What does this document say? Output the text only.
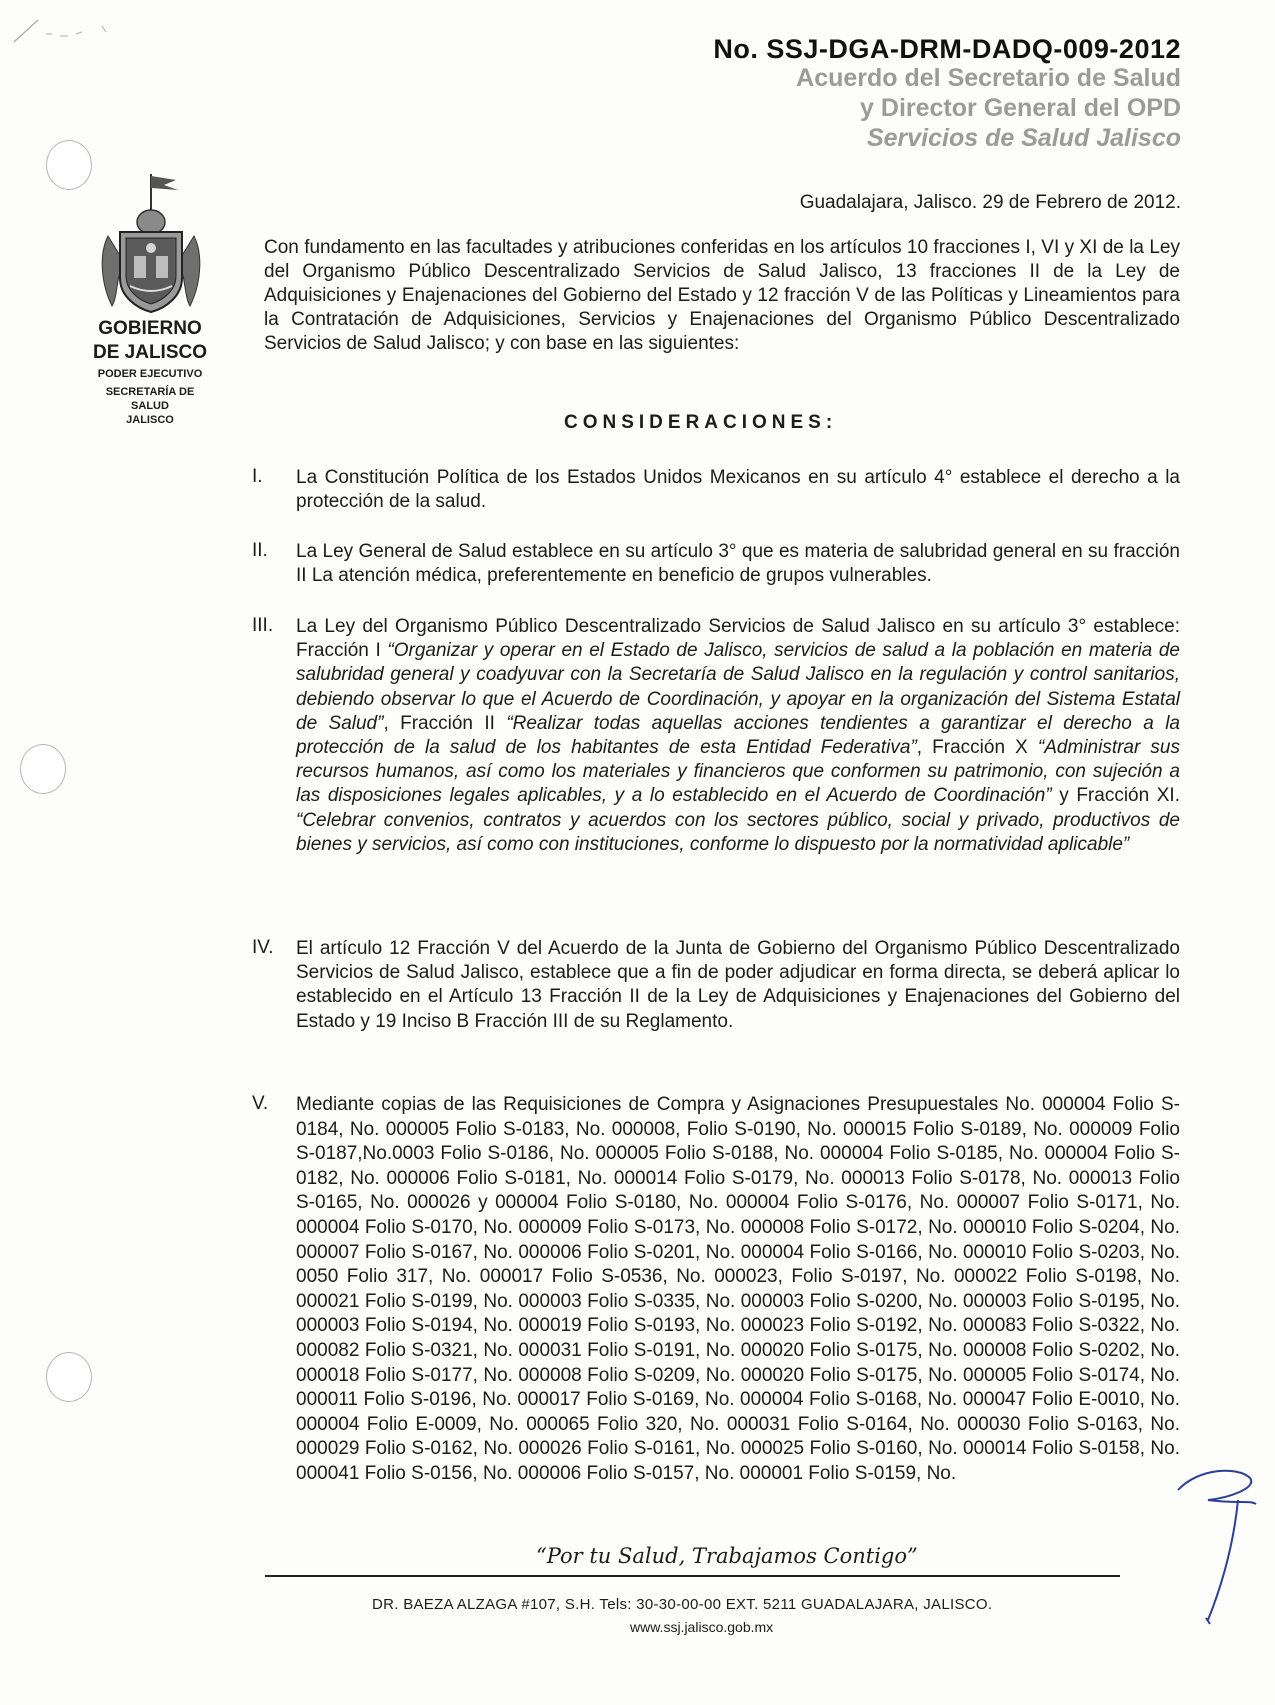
No. SSJ-DGA-DRM-DADQ-009-2012
Acuerdo del Secretario de Salud
y Director General del OPD
Servicios de Salud Jalisco
GOBIERNO
DE JALISCO
PODER EJECUTIVO
SECRETARÍA DE
SALUD
JALISCO
Guadalajara, Jalisco. 29 de Febrero de 2012.
Con fundamento en las facultades y atribuciones conferidas en los artículos 10 fracciones I, VI y XI de la Ley del Organismo Público Descentralizado Servicios de Salud Jalisco, 13 fracciones II de la Ley de Adquisiciones y Enajenaciones del Gobierno del Estado y 12 fracción V de las Políticas y Lineamientos para la Contratación de Adquisiciones, Servicios y Enajenaciones del Organismo Público Descentralizado Servicios de Salud Jalisco; y con base en las siguientes:
CONSIDERACIONES:
I.	La Constitución Política de los Estados Unidos Mexicanos en su artículo 4° establece el derecho a la protección de la salud.
II.	La Ley General de Salud establece en su artículo 3° que es materia de salubridad general en su fracción II La atención médica, preferentemente en beneficio de grupos vulnerables.
III.	La Ley del Organismo Público Descentralizado Servicios de Salud Jalisco en su artículo 3° establece: Fracción I “Organizar y operar en el Estado de Jalisco, servicios de salud a la población en materia de salubridad general y coadyuvar con la Secretaría de Salud Jalisco en la regulación y control sanitarios, debiendo observar lo que el Acuerdo de Coordinación, y apoyar en la organización del Sistema Estatal de Salud”, Fracción II “Realizar todas aquellas acciones tendientes a garantizar el derecho a la protección de la salud de los habitantes de esta Entidad Federativa”, Fracción X “Administrar sus recursos humanos, así como los materiales y financieros que conformen su patrimonio, con sujeción a las disposiciones legales aplicables, y a lo establecido en el Acuerdo de Coordinación” y Fracción XI. “Celebrar convenios, contratos y acuerdos con los sectores público, social y privado, productivos de bienes y servicios, así como con instituciones, conforme lo dispuesto por la normatividad aplicable”
IV.	El artículo 12 Fracción V del Acuerdo de la Junta de Gobierno del Organismo Público Descentralizado Servicios de Salud Jalisco, establece que a fin de poder adjudicar en forma directa, se deberá aplicar lo establecido en el Artículo 13 Fracción II de la Ley de Adquisiciones y Enajenaciones del Gobierno del Estado y 19 Inciso B Fracción III de su Reglamento.
V.	Mediante copias de las Requisiciones de Compra y Asignaciones Presupuestales No. 000004 Folio S-0184, No. 000005 Folio S-0183, No. 000008, Folio S-0190, No. 000015 Folio S-0189, No. 000009 Folio S-0187,No.0003 Folio S-0186, No. 000005 Folio S-0188, No. 000004 Folio S-0185, No. 000004 Folio S-0182, No. 000006 Folio S-0181, No. 000014 Folio S-0179, No. 000013 Folio S-0178, No. 000013 Folio S-0165, No. 000026 y 000004 Folio S-0180, No. 000004 Folio S-0176, No. 000007 Folio S-0171, No. 000004 Folio S-0170, No. 000009 Folio S-0173, No. 000008 Folio S-0172, No. 000010 Folio S-0204, No. 000007 Folio S-0167, No. 000006 Folio S-0201, No. 000004 Folio S-0166, No. 000010 Folio S-0203, No. 0050 Folio 317, No. 000017 Folio S-0536, No. 000023, Folio S-0197, No. 000022 Folio S-0198, No. 000021 Folio S-0199, No. 000003 Folio S-0335, No. 000003 Folio S-0200, No. 000003 Folio S-0195, No. 000003 Folio S-0194, No. 000019 Folio S-0193, No. 000023 Folio S-0192, No. 000083 Folio S-0322, No. 000082 Folio S-0321, No. 000031 Folio S-0191, No. 000020 Folio S-0175, No. 000008 Folio S-0202, No. 000018 Folio S-0177, No. 000008 Folio S-0209, No. 000020 Folio S-0175, No. 000005 Folio S-0174, No. 000011 Folio S-0196, No. 000017 Folio S-0169, No. 000004 Folio S-0168, No. 000047 Folio E-0010, No. 000004 Folio E-0009, No. 000065 Folio 320, No. 000031 Folio S-0164, No. 000030 Folio S-0163, No. 000029 Folio S-0162, No. 000026 Folio S-0161, No. 000025 Folio S-0160, No. 000014 Folio S-0158, No. 000041 Folio S-0156, No. 000006 Folio S-0157, No. 000001 Folio S-0159, No.
“Por tu Salud, Trabajamos Contigo”
DR. BAEZA ALZAGA #107, S.H. Tels: 30-30-00-00 EXT. 5211 GUADALAJARA, JALISCO.
www.ssj.jalisco.gob.mx
